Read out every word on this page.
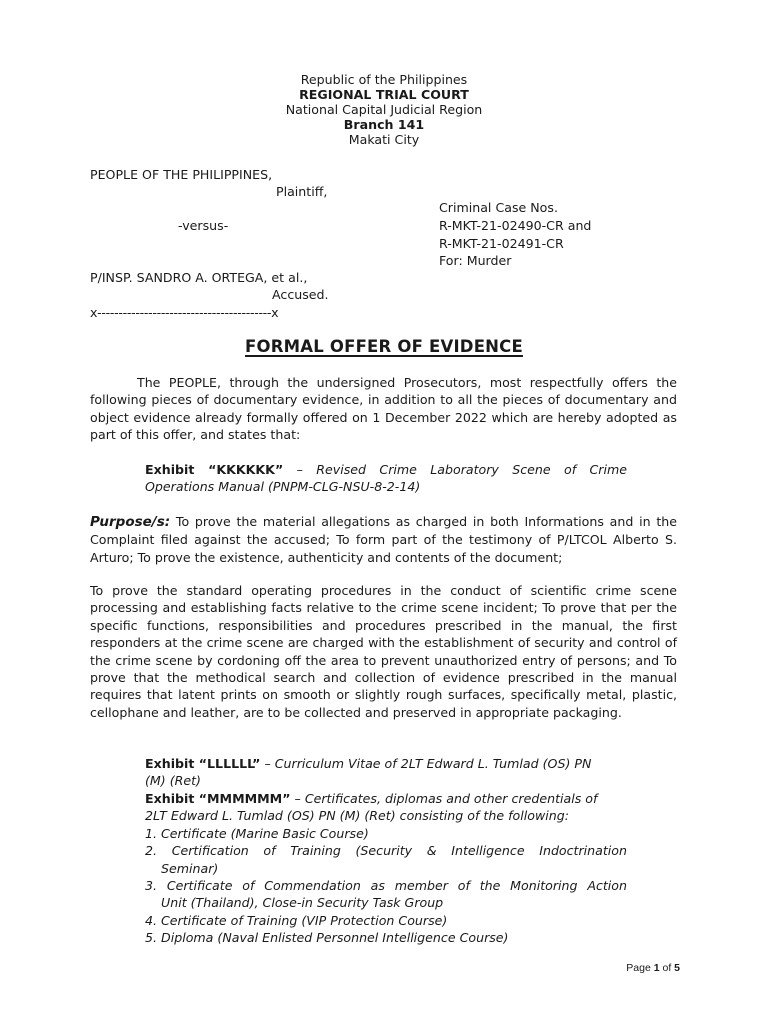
Republic of the Philippines
REGIONAL TRIAL COURT
National Capital Judicial Region
Branch 141
Makati City
PEOPLE OF THE PHILIPPINES,
Plaintiff,
-versus-
P/INSP. SANDRO A. ORTEGA, et al.,
Accused.
x-----------------------------------------x
Criminal Case Nos.
R-MKT-21-02490-CR and
R-MKT-21-02491-CR
For: Murder
FORMAL OFFER OF EVIDENCE

The PEOPLE, through the undersigned Prosecutors, most respectfully offers the following pieces of documentary evidence, in addition to all the pieces of documentary and object evidence already formally offered on 1 December 2022 which are hereby adopted as part of this offer, and states that:

Exhibit “KKKKKK” – Revised Crime Laboratory Scene of Crime
Operations Manual (PNPM-CLG-NSU-8-2-14)

Purpose/s: To prove the material allegations as charged in both Informations and in the Complaint filed against the accused; To form part of the testimony of P/LTCOL Alberto S. Arturo; To prove the existence, authenticity and contents of the document;

To prove the standard operating procedures in the conduct of scientific crime scene processing and establishing facts relative to the crime scene incident; To prove that per the specific functions, responsibilities and procedures prescribed in the manual, the first responders at the crime scene are charged with the establishment of security and control of the crime scene by cordoning off the area to prevent unauthorized entry of persons; and To prove that the methodical search and collection of evidence prescribed in the manual requires that latent prints on smooth or slightly rough surfaces, specifically metal, plastic, cellophane and leather, are to be collected and preserved in appropriate packaging.

Exhibit “LLLLLL” – Curriculum Vitae of 2LT Edward L. Tumlad (OS) PN
(M) (Ret)
Exhibit “MMMMMM” – Certificates, diplomas and other credentials of
2LT Edward L. Tumlad (OS) PN (M) (Ret) consisting of the following:
1. Certificate (Marine Basic Course)
2. Certification of Training (Security & Intelligence Indoctrination
Seminar)
3. Certificate of Commendation as member of the Monitoring Action
Unit (Thailand), Close-in Security Task Group
4. Certificate of Training (VIP Protection Course)
5. Diploma (Naval Enlisted Personnel Intelligence Course)
Page 1 of 5
